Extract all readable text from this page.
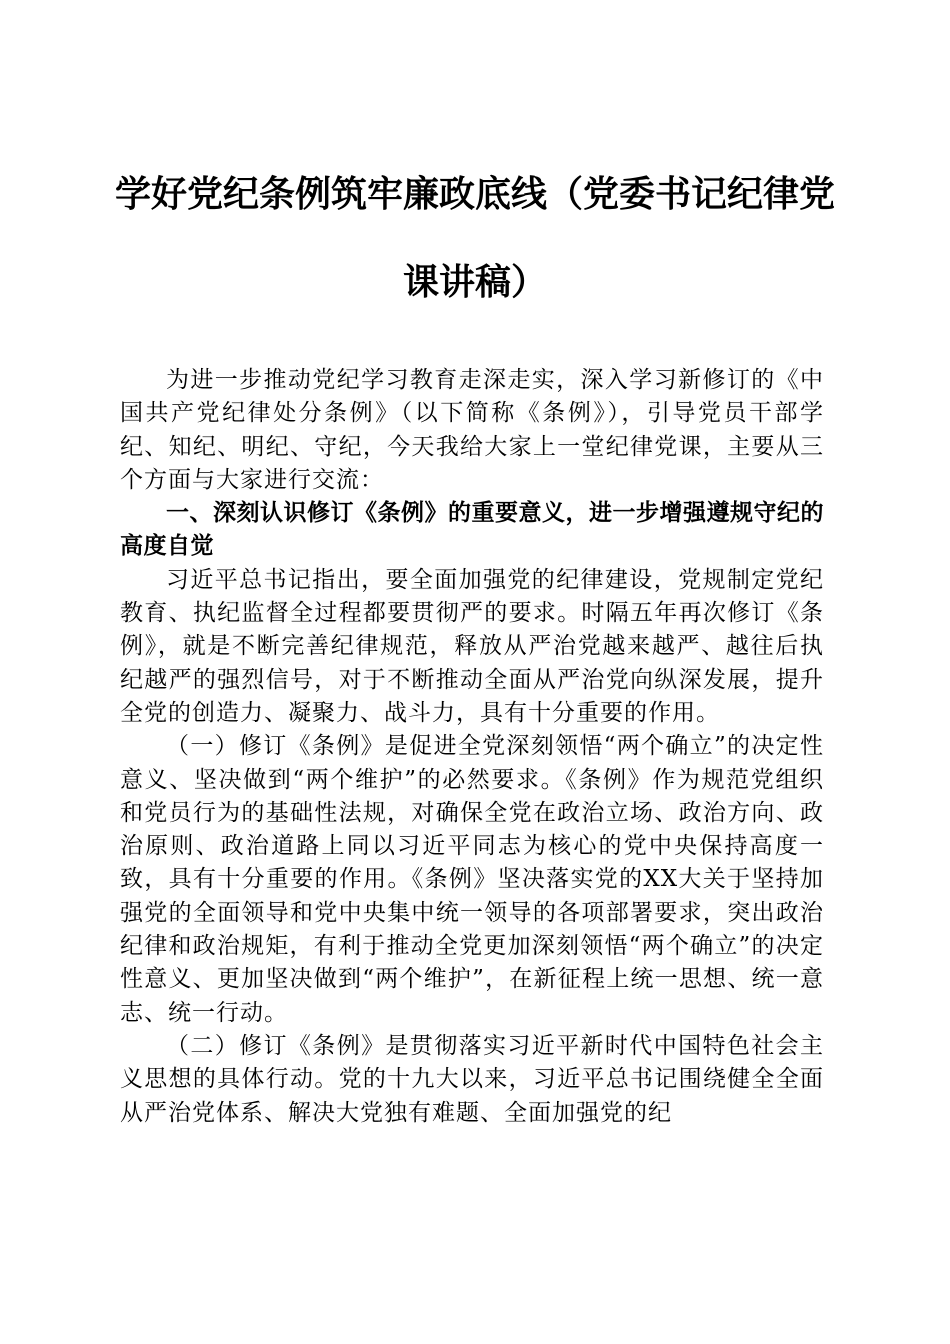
学好党纪条例筑牢廉政底线（党委书记纪律党
课讲稿）

为进一步推动党纪学习教育走深走实，深入学习新修订的《中国共产党纪律处分条例》（以下简称《条例》），引导党员干部学纪、知纪、明纪、守纪，今天我给大家上一堂纪律党课，主要从三个方面与大家进行交流：

一、深刻认识修订《条例》的重要意义，进一步增强遵规守纪的高度自觉

习近平总书记指出，要全面加强党的纪律建设，党规制定党纪教育、执纪监督全过程都要贯彻严的要求。时隔五年再次修订《条例》，就是不断完善纪律规范，释放从严治党越来越严、越往后执纪越严的强烈信号，对于不断推动全面从严治党向纵深发展，提升全党的创造力、凝聚力、战斗力，具有十分重要的作用。

（一）修订《条例》是促进全党深刻领悟“两个确立”的决定性意义、坚决做到“两个维护”的必然要求。《条例》作为规范党组织和党员行为的基础性法规，对确保全党在政治立场、政治方向、政治原则、政治道路上同以习近平同志为核心的党中央保持高度一致，具有十分重要的作用。《条例》坚决落实党的XX大关于坚持加强党的全面领导和党中央集中统一领导的各项部署要求，突出政治纪律和政治规矩，有利于推动全党更加深刻领悟“两个确立”的决定性意义、更加坚决做到“两个维护”，在新征程上统一思想、统一意志、统一行动。

（二）修订《条例》是贯彻落实习近平新时代中国特色社会主义思想的具体行动。党的十九大以来，习近平总书记围绕健全全面从严治党体系、解决大党独有难题、全面加强党的纪
